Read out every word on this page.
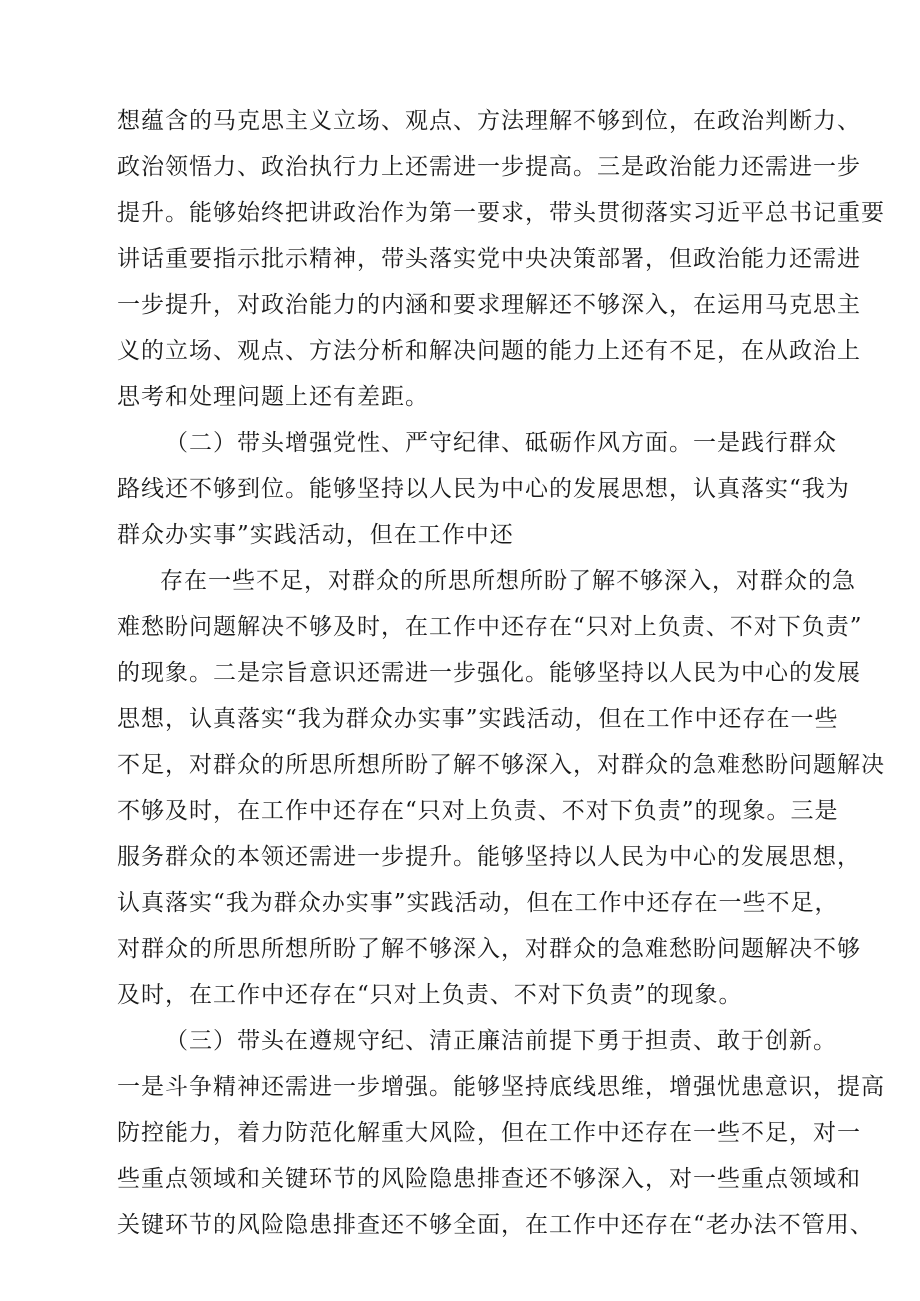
想蕴含的马克思主义立场、观点、方法理解不够到位，在政治判断力、
政治领悟力、政治执行力上还需进一步提高。三是政治能力还需进一步
提升。能够始终把讲政治作为第一要求，带头贯彻落实习近平总书记重要
讲话重要指示批示精神，带头落实党中央决策部署，但政治能力还需进
一步提升，对政治能力的内涵和要求理解还不够深入，在运用马克思主
义的立场、观点、方法分析和解决问题的能力上还有不足，在从政治上
思考和处理问题上还有差距。
（二）带头增强党性、严守纪律、砥砺作风方面。一是践行群众
路线还不够到位。能够坚持以人民为中心的发展思想，认真落实“我为
群众办实事”实践活动，但在工作中还
存在一些不足，对群众的所思所想所盼了解不够深入，对群众的急
难愁盼问题解决不够及时，在工作中还存在“只对上负责、不对下负责”
的现象。二是宗旨意识还需进一步强化。能够坚持以人民为中心的发展
思想，认真落实“我为群众办实事”实践活动，但在工作中还存在一些
不足，对群众的所思所想所盼了解不够深入，对群众的急难愁盼问题解决
不够及时，在工作中还存在“只对上负责、不对下负责”的现象。三是
服务群众的本领还需进一步提升。能够坚持以人民为中心的发展思想，
认真落实“我为群众办实事”实践活动，但在工作中还存在一些不足，
对群众的所思所想所盼了解不够深入，对群众的急难愁盼问题解决不够
及时，在工作中还存在“只对上负责、不对下负责”的现象。
（三）带头在遵规守纪、清正廉洁前提下勇于担责、敢于创新。
一是斗争精神还需进一步增强。能够坚持底线思维，增强忧患意识，提高
防控能力，着力防范化解重大风险，但在工作中还存在一些不足，对一
些重点领域和关键环节的风险隐患排查还不够深入，对一些重点领域和
关键环节的风险隐患排查还不够全面，在工作中还存在“老办法不管用、
